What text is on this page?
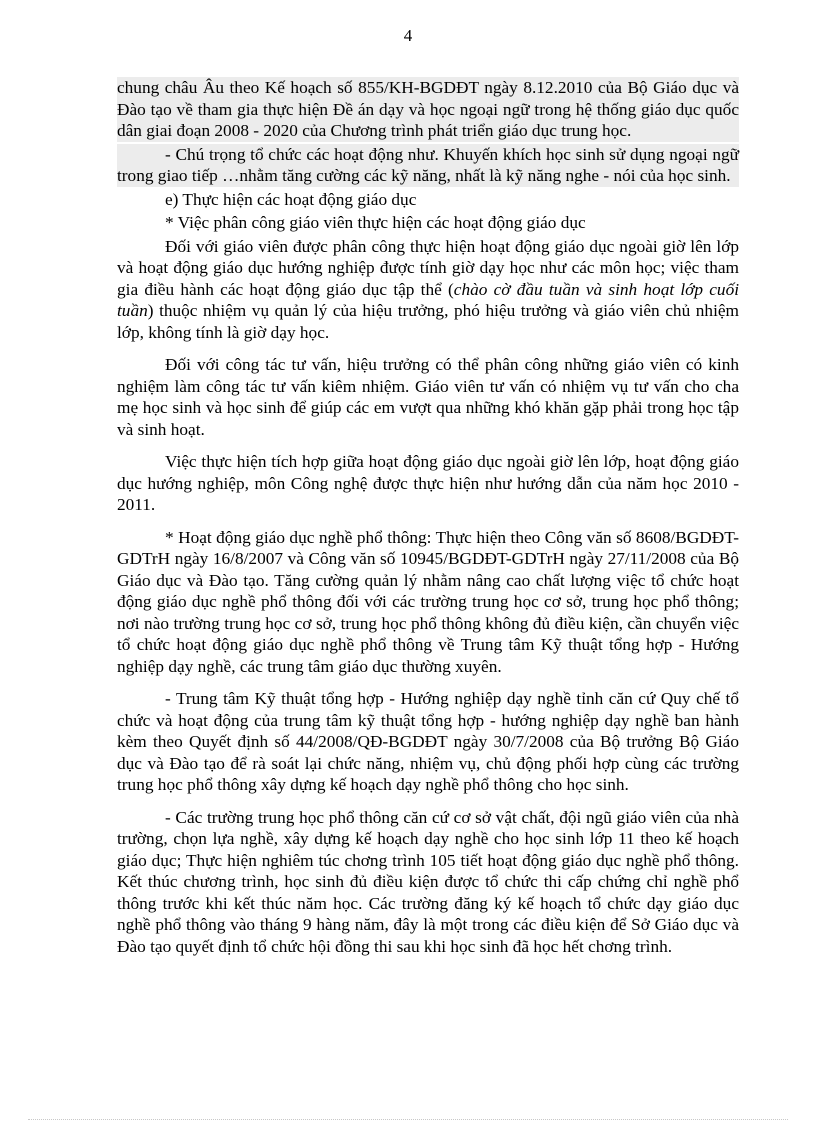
4

chung châu Âu theo Kế hoạch số 855/KH-BGDĐT ngày 8.12.2010 của Bộ Giáo dục và Đào tạo về tham gia thực hiện Đề án dạy và học ngoại ngữ trong hệ thống giáo dục quốc dân giai đoạn 2008 - 2020 của Chương trình phát triển giáo dục trung học.

- Chú trọng tổ chức các hoạt động như. Khuyến khích học sinh sử dụng ngoại ngữ trong giao tiếp …nhằm tăng cường các kỹ năng, nhất là kỹ năng nghe - nói của học sinh.

e) Thực hiện các hoạt động giáo dục

* Việc phân công giáo viên thực hiện các hoạt động giáo dục

Đối với giáo viên được phân công thực hiện hoạt động giáo dục ngoài giờ lên lớp và hoạt động giáo dục hướng nghiệp được tính giờ dạy học như các môn học; việc tham gia điều hành các hoạt động giáo dục tập thể (chào cờ đầu tuần và sinh hoạt lớp cuối tuần) thuộc nhiệm vụ quản lý của hiệu trưởng, phó hiệu trưởng và giáo viên chủ nhiệm lớp, không tính là giờ dạy học.

Đối với công tác tư vấn, hiệu trưởng có thể phân công những giáo viên có kinh nghiệm làm công tác tư vấn kiêm nhiệm. Giáo viên tư vấn có nhiệm vụ tư vấn cho cha mẹ học sinh và học sinh để giúp các em vượt qua những khó khăn gặp phải trong học tập và sinh hoạt.

Việc thực hiện tích hợp giữa hoạt động giáo dục ngoài giờ lên lớp, hoạt động giáo dục hướng nghiệp, môn Công nghệ được thực hiện như hướng dẫn của năm học 2010 - 2011.

* Hoạt động giáo dục nghề phổ thông: Thực hiện theo Công văn số 8608/BGDĐT-GDTrH ngày 16/8/2007 và Công văn số 10945/BGDĐT-GDTrH ngày 27/11/2008 của Bộ Giáo dục và Đào tạo. Tăng cường quản lý nhằm nâng cao chất lượng việc tổ chức hoạt động giáo dục nghề phổ thông đối với các trường trung học cơ sở, trung học phổ thông; nơi nào trường trung học cơ sở, trung học phổ thông không đủ điều kiện, cần chuyển việc tổ chức hoạt động giáo dục nghề phổ thông về Trung tâm Kỹ thuật tổng hợp - Hướng nghiệp dạy nghề, các trung tâm giáo dục thường xuyên.

- Trung tâm Kỹ thuật tổng hợp - Hướng nghiệp dạy nghề tỉnh căn cứ Quy chế tổ chức và hoạt động của trung tâm kỹ thuật tổng hợp - hướng nghiệp dạy nghề ban hành kèm theo Quyết định số 44/2008/QĐ-BGDĐT ngày 30/7/2008 của Bộ trưởng Bộ Giáo dục và Đào tạo để rà soát lại chức năng, nhiệm vụ, chủ động phối hợp cùng các trường trung học phổ thông xây dựng kế hoạch dạy nghề phổ thông cho học sinh.

- Các trường trung học phổ thông căn cứ cơ sở vật chất, đội ngũ giáo viên của nhà trường, chọn lựa nghề, xây dựng kế hoạch dạy nghề cho học sinh lớp 11 theo kế hoạch giáo dục; Thực hiện nghiêm túc chơng trình 105 tiết hoạt động giáo dục nghề phổ thông. Kết thúc chương trình, học sinh đủ điều kiện được tổ chức thi cấp chứng chỉ nghề phổ thông trước khi kết thúc năm học. Các trường đăng ký kế hoạch tổ chức dạy giáo dục nghề phổ thông vào tháng 9 hàng năm, đây là một trong các điều kiện để Sở Giáo dục và Đào tạo quyết định tổ chức hội đồng thi sau khi học sinh đã học hết chơng trình.
